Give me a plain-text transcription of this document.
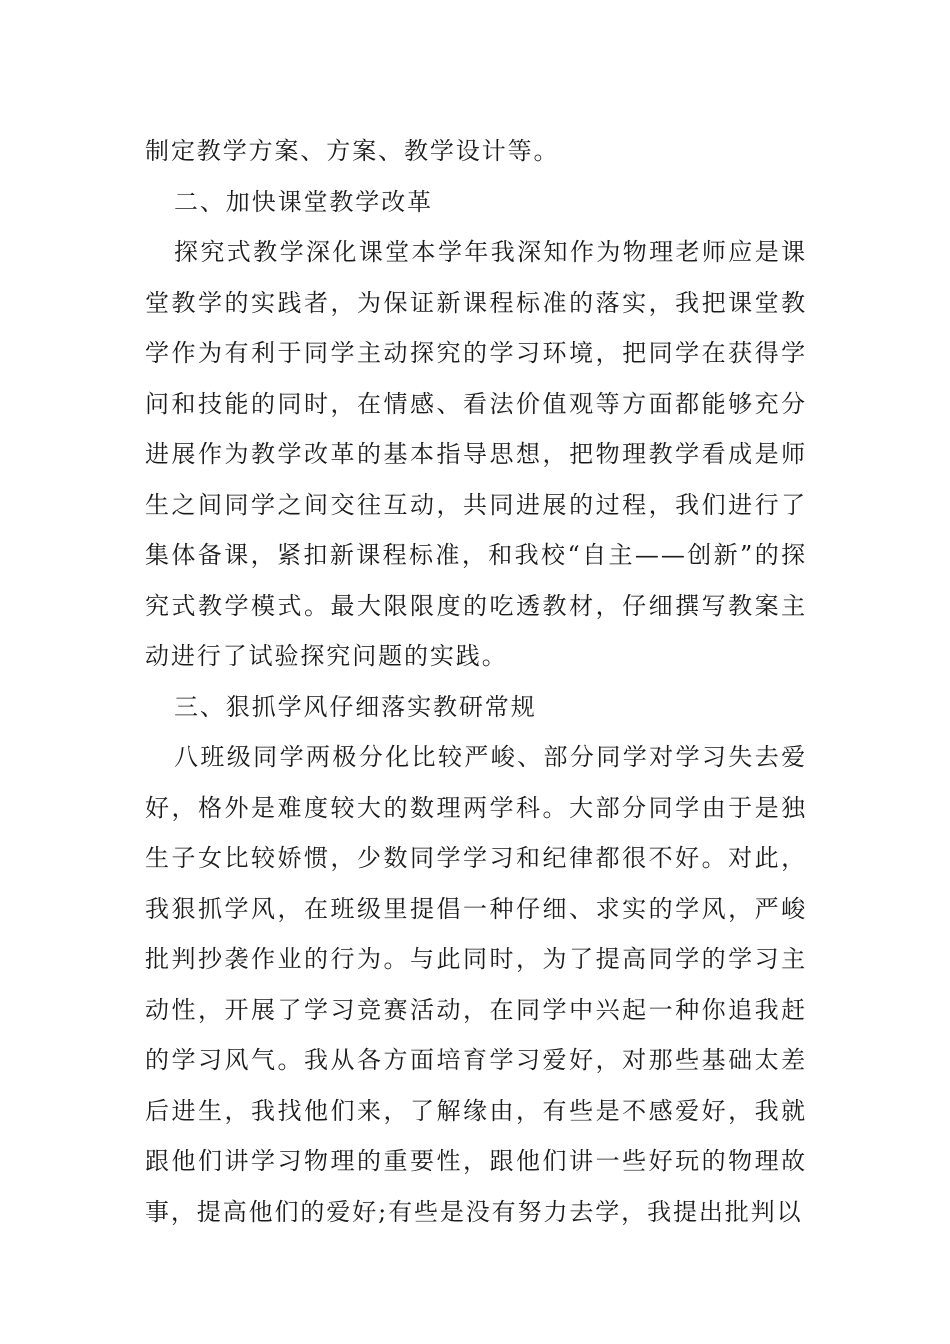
制定教学方案、方案、教学设计等。

二、加快课堂教学改革

探究式教学深化课堂本学年我深知作为物理老师应是课堂教学的实践者，为保证新课程标准的落实，我把课堂教学作为有利于同学主动探究的学习环境，把同学在获得学问和技能的同时，在情感、看法价值观等方面都能够充分进展作为教学改革的基本指导思想，把物理教学看成是师生之间同学之间交往互动，共同进展的过程，我们进行了集体备课，紧扣新课程标准，和我校“自主——创新”的探究式教学模式。最大限限度的吃透教材，仔细撰写教案主动进行了试验探究问题的实践。

三、狠抓学风仔细落实教研常规

八班级同学两极分化比较严峻、部分同学对学习失去爱好，格外是难度较大的数理两学科。大部分同学由于是独生子女比较娇惯，少数同学学习和纪律都很不好。对此，我狠抓学风，在班级里提倡一种仔细、求实的学风，严峻批判抄袭作业的行为。与此同时，为了提高同学的学习主动性，开展了学习竞赛活动，在同学中兴起一种你追我赶的学习风气。我从各方面培育学习爱好，对那些基础太差后进生，我找他们来，了解缘由，有些是不感爱好，我就跟他们讲学习物理的重要性，跟他们讲一些好玩的物理故事，提高他们的爱好;有些是没有努力去学，我提出批判以
